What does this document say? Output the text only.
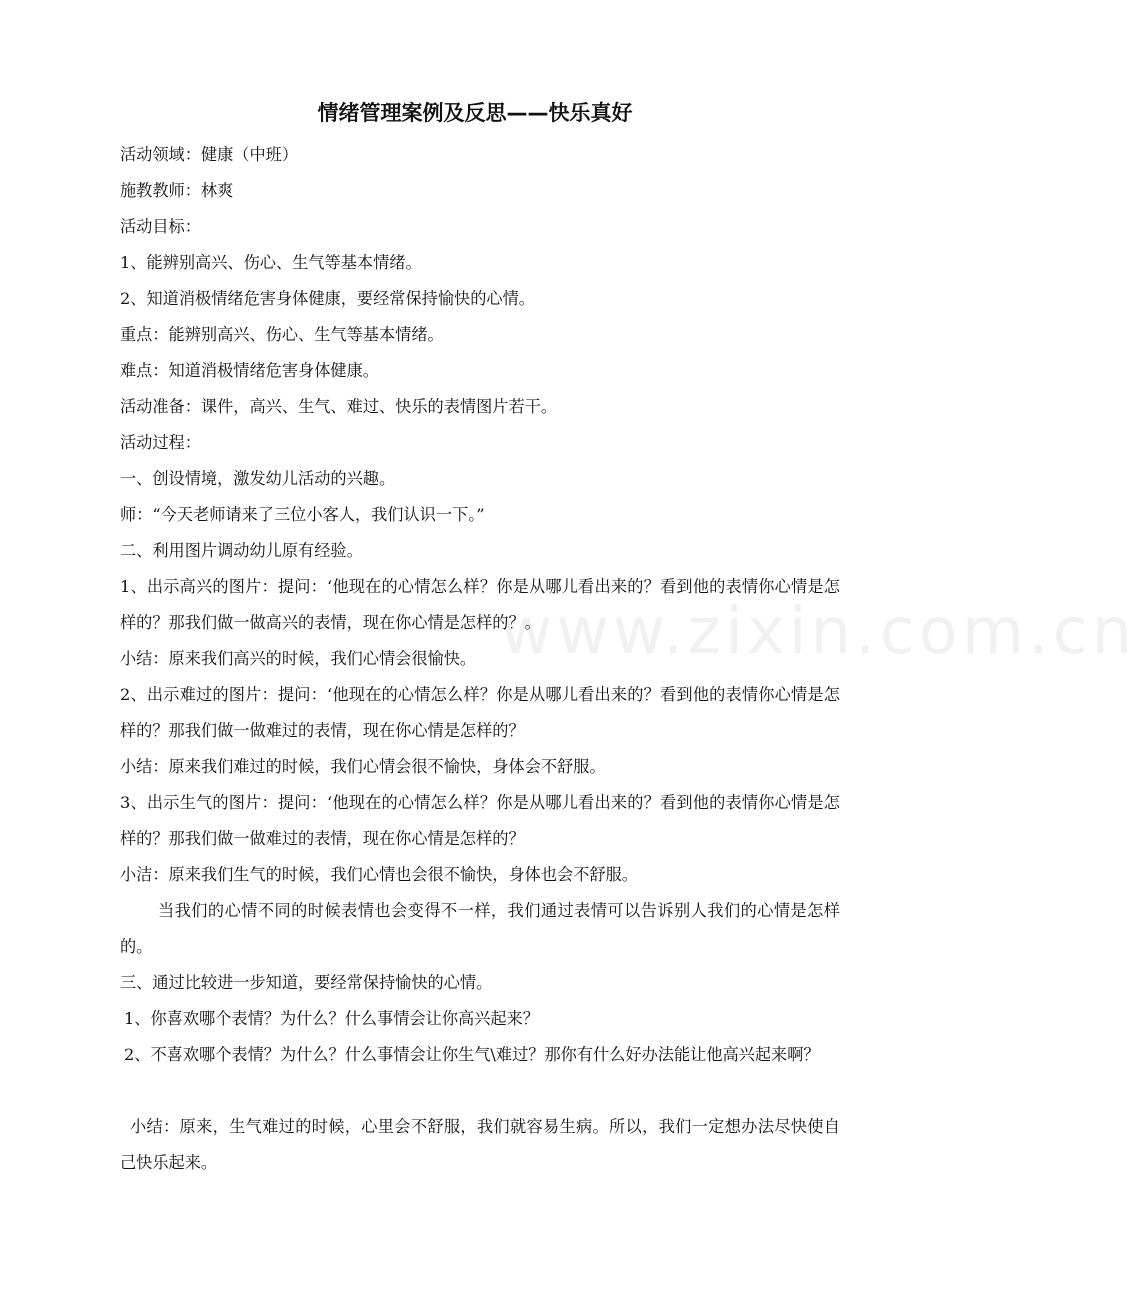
www.zixin.com.cn
情绪管理案例及反思——快乐真好
活动领域：健康（中班）
施教教师：林爽
活动目标：
1、能辨别高兴、伤心、生气等基本情绪。
2、知道消极情绪危害身体健康，要经常保持愉快的心情。
重点：能辨别高兴、伤心、生气等基本情绪。
难点：知道消极情绪危害身体健康。
活动准备：课件，高兴、生气、难过、快乐的表情图片若干。
活动过程：
一、创设情境，激发幼儿活动的兴趣。
师：“今天老师请来了三位小客人，我们认识一下。”
二、利用图片调动幼儿原有经验。
1、出示高兴的图片：提问：‘他现在的心情怎么样？你是从哪儿看出来的？看到他的表情你心情是怎样的？那我们做一做高兴的表情，现在你心情是怎样的？。
小结：原来我们高兴的时候，我们心情会很愉快。
2、出示难过的图片：提问：‘他现在的心情怎么样？你是从哪儿看出来的？看到他的表情你心情是怎样的？那我们做一做难过的表情，现在你心情是怎样的？
小结：原来我们难过的时候，我们心情会很不愉快，身体会不舒服。
3、出示生气的图片：提问：‘他现在的心情怎么样？你是从哪儿看出来的？看到他的表情你心情是怎样的？那我们做一做难过的表情，现在你心情是怎样的？
小洁：原来我们生气的时候，我们心情也会很不愉快，身体也会不舒服。
当我们的心情不同的时候表情也会变得不一样，我们通过表情可以告诉别人我们的心情是怎样的。
三、通过比较进一步知道，要经常保持愉快的心情。
1、你喜欢哪个表情？为什么？什么事情会让你高兴起来？
2、不喜欢哪个表情？为什么？什么事情会让你生气\难过？那你有什么好办法能让他高兴起来啊？
小结：原来，生气难过的时候，心里会不舒服，我们就容易生病。所以，我们一定想办法尽快使自己快乐起来。
